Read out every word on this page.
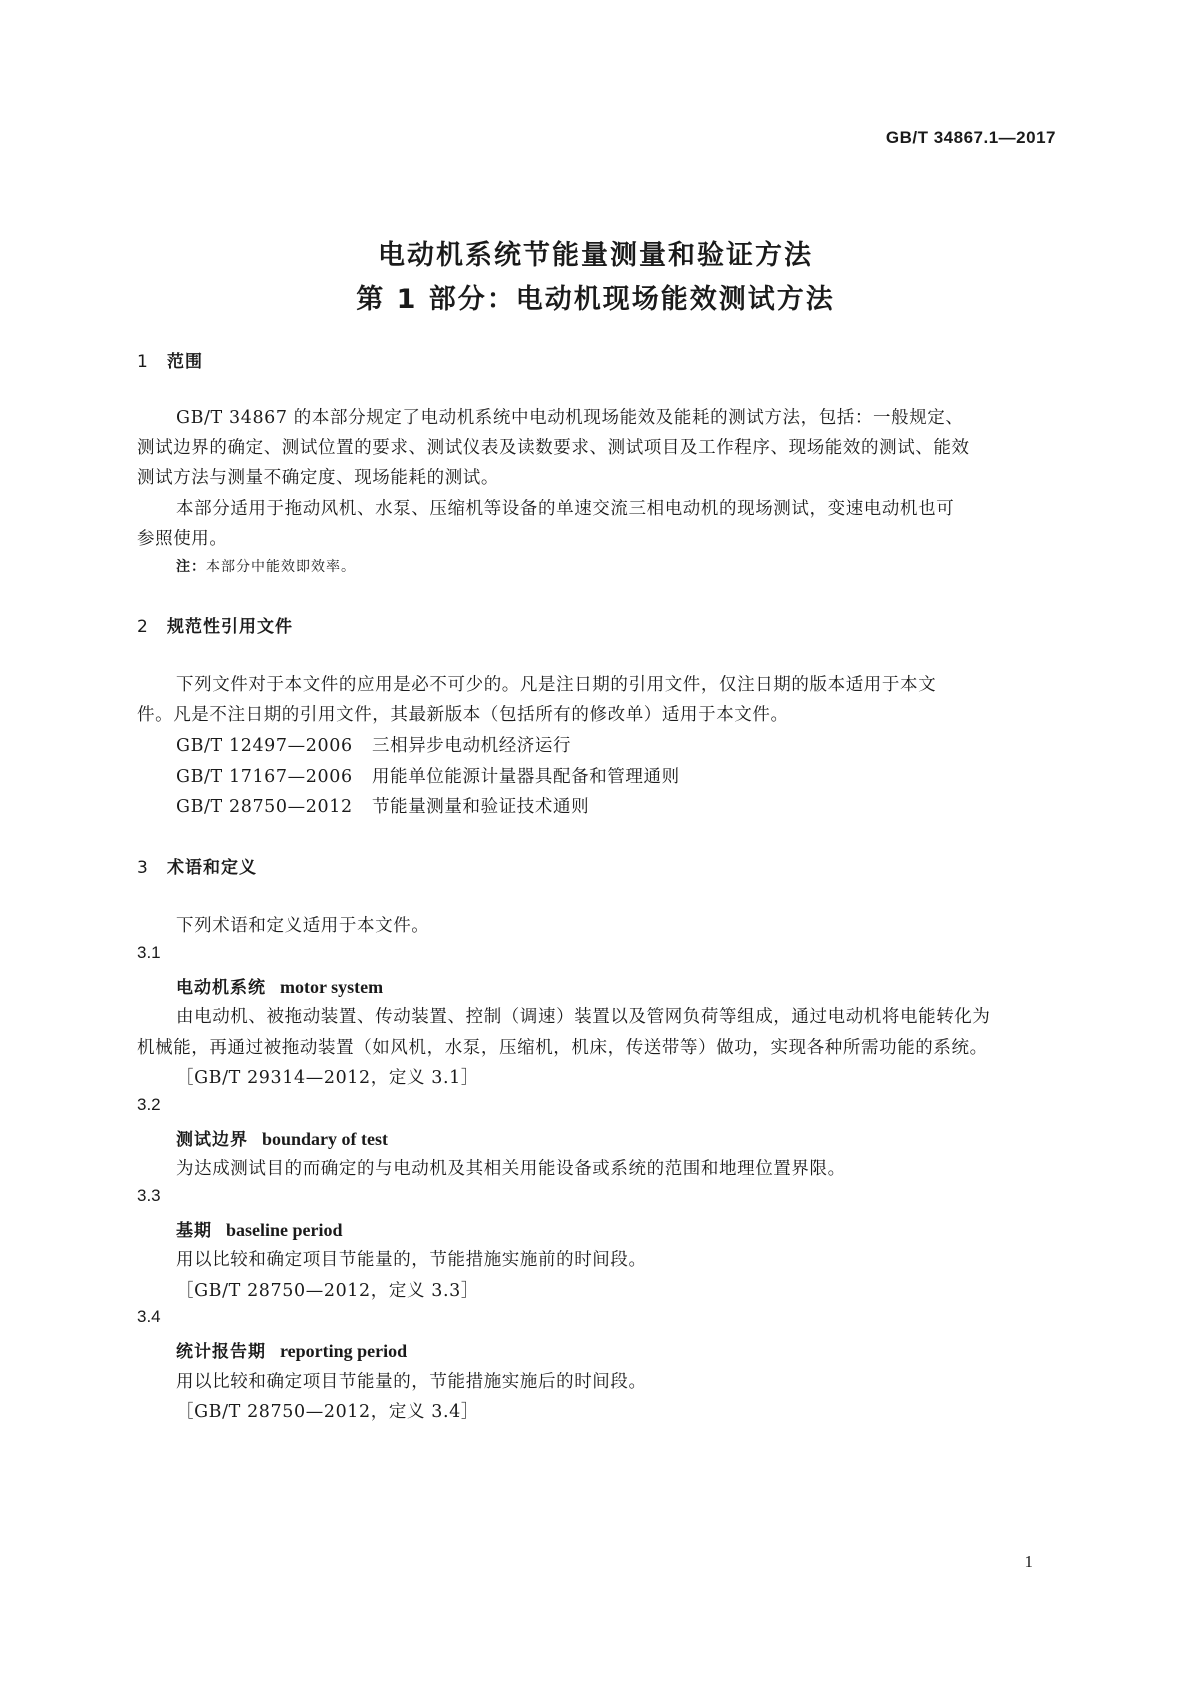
GB/T 34867.1—2017
电动机系统节能量测量和验证方法
第 1 部分：电动机现场能效测试方法
1 范围
GB/T 34867 的本部分规定了电动机系统中电动机现场能效及能耗的测试方法，包括：一般规定、
测试边界的确定、测试位置的要求、测试仪表及读数要求、测试项目及工作程序、现场能效的测试、能效
测试方法与测量不确定度、现场能耗的测试。
本部分适用于拖动风机、水泵、压缩机等设备的单速交流三相电动机的现场测试，变速电动机也可
参照使用。
注：本部分中能效即效率。
2 规范性引用文件
下列文件对于本文件的应用是必不可少的。凡是注日期的引用文件，仅注日期的版本适用于本文
件。凡是不注日期的引用文件，其最新版本（包括所有的修改单）适用于本文件。
GB/T 12497—2006 三相异步电动机经济运行
GB/T 17167—2006 用能单位能源计量器具配备和管理通则
GB/T 28750—2012 节能量测量和验证技术通则
3 术语和定义
下列术语和定义适用于本文件。
3.1
电动机系统 motor system
由电动机、被拖动装置、传动装置、控制（调速）装置以及管网负荷等组成，通过电动机将电能转化为
机械能，再通过被拖动装置（如风机，水泵，压缩机，机床，传送带等）做功，实现各种所需功能的系统。
［GB/T 29314—2012，定义 3.1］
3.2
测试边界 boundary of test
为达成测试目的而确定的与电动机及其相关用能设备或系统的范围和地理位置界限。
3.3
基期 baseline period
用以比较和确定项目节能量的，节能措施实施前的时间段。
［GB/T 28750—2012，定义 3.3］
3.4
统计报告期 reporting period
用以比较和确定项目节能量的，节能措施实施后的时间段。
［GB/T 28750—2012，定义 3.4］
1
